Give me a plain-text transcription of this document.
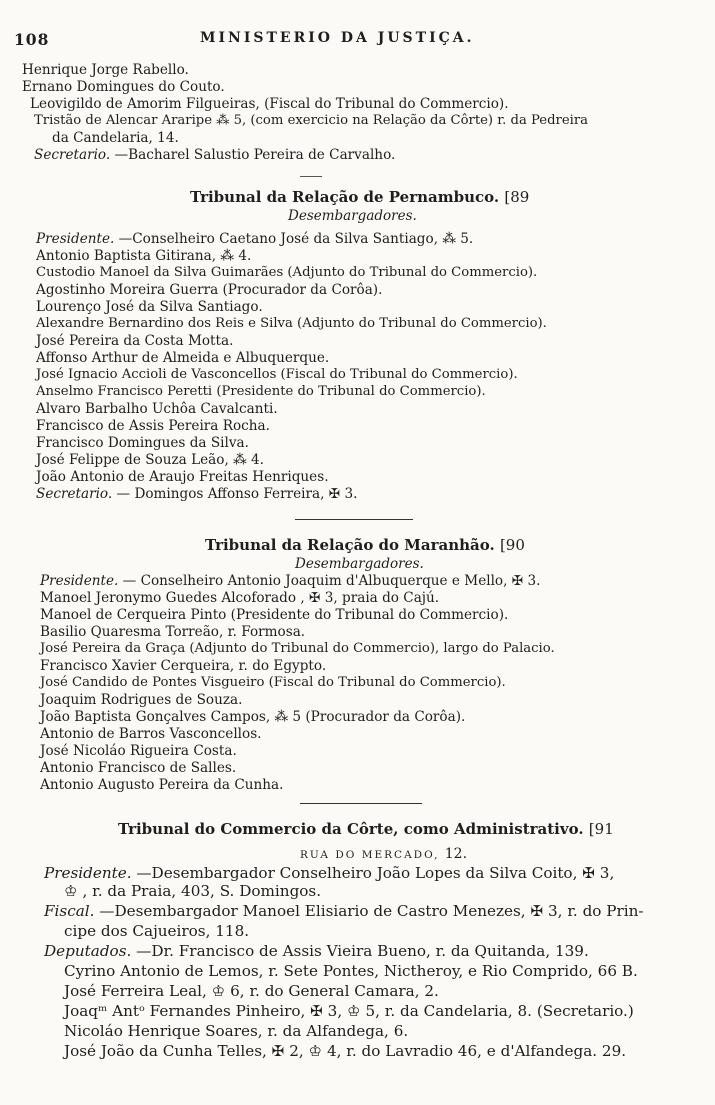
108	MINISTERIO DA JUSTIÇA.
Henrique Jorge Rabello.
Ernano Domingues do Couto.
Leovigildo de Amorim Filgueiras, (Fiscal do Tribunal do Commercio).
Tristão de Alencar Araripe ⁂ 5, (com exercicio na Relação da Côrte) r. da Pedreira
da Candelaria, 14.
Secretario. —Bacharel Salustio Pereira de Carvalho.
Tribunal da Relação de Pernambuco. [89
Desembargadores.
Presidente. —Conselheiro Caetano José da Silva Santiago, ⁂ 5.
Antonio Baptista Gitirana, ⁂ 4.
Custodio Manoel da Silva Guimarães (Adjunto do Tribunal do Commercio).
Agostinho Moreira Guerra (Procurador da Corôa).
Lourenço José da Silva Santiago.
Alexandre Bernardino dos Reis e Silva (Adjunto do Tribunal do Commercio).
José Pereira da Costa Motta.
Affonso Arthur de Almeida e Albuquerque.
José Ignacio Accioli de Vasconcellos (Fiscal do Tribunal do Commercio).
Anselmo Francisco Peretti (Presidente do Tribunal do Commercio).
Alvaro Barbalho Uchôa Cavalcanti.
Francisco de Assis Pereira Rocha.
Francisco Domingues da Silva.
José Felippe de Souza Leão, ⁂ 4.
João Antonio de Araujo Freitas Henriques.
Secretario. — Domingos Affonso Ferreira, ✠ 3.
Tribunal da Relação do Maranhão. [90
Desembargadores.
Presidente. — Conselheiro Antonio Joaquim d'Albuquerque e Mello, ✠ 3.
Manoel Jeronymo Guedes Alcoforado , ✠ 3, praia do Cajú.
Manoel de Cerqueira Pinto (Presidente do Tribunal do Commercio).
Basilio Quaresma Torreão, r. Formosa.
José Pereira da Graça (Adjunto do Tribunal do Commercio), largo do Palacio.
Francisco Xavier Cerqueira, r. do Egypto.
José Candido de Pontes Visgueiro (Fiscal do Tribunal do Commercio).
Joaquim Rodrigues de Souza.
João Baptista Gonçalves Campos, ⁂ 5 (Procurador da Corôa).
Antonio de Barros Vasconcellos.
José Nicoláo Rigueira Costa.
Antonio Francisco de Salles.
Antonio Augusto Pereira da Cunha.
Tribunal do Commercio da Côrte, como Administrativo. [91
RUA DO MERCADO, 12.
Presidente. —Desembargador Conselheiro João Lopes da Silva Coito, ✠ 3,
♔ , r. da Praia, 403, S. Domingos.
Fiscal. —Desembargador Manoel Elisiario de Castro Menezes, ✠ 3, r. do Prin-
cipe dos Cajueiros, 118.
Deputados. —Dr. Francisco de Assis Vieira Bueno, r. da Quitanda, 139.
Cyrino Antonio de Lemos, r. Sete Pontes, Nictheroy, e Rio Comprido, 66 B.
José Ferreira Leal, ♔ 6, r. do General Camara, 2.
Joaqᵐ Antᵒ Fernandes Pinheiro, ✠ 3, ♔ 5, r. da Candelaria, 8. (Secretario.)
Nicoláo Henrique Soares, r. da Alfandega, 6.
José João da Cunha Telles, ✠ 2, ♔ 4, r. do Lavradio 46, e d'Alfandega. 29.
